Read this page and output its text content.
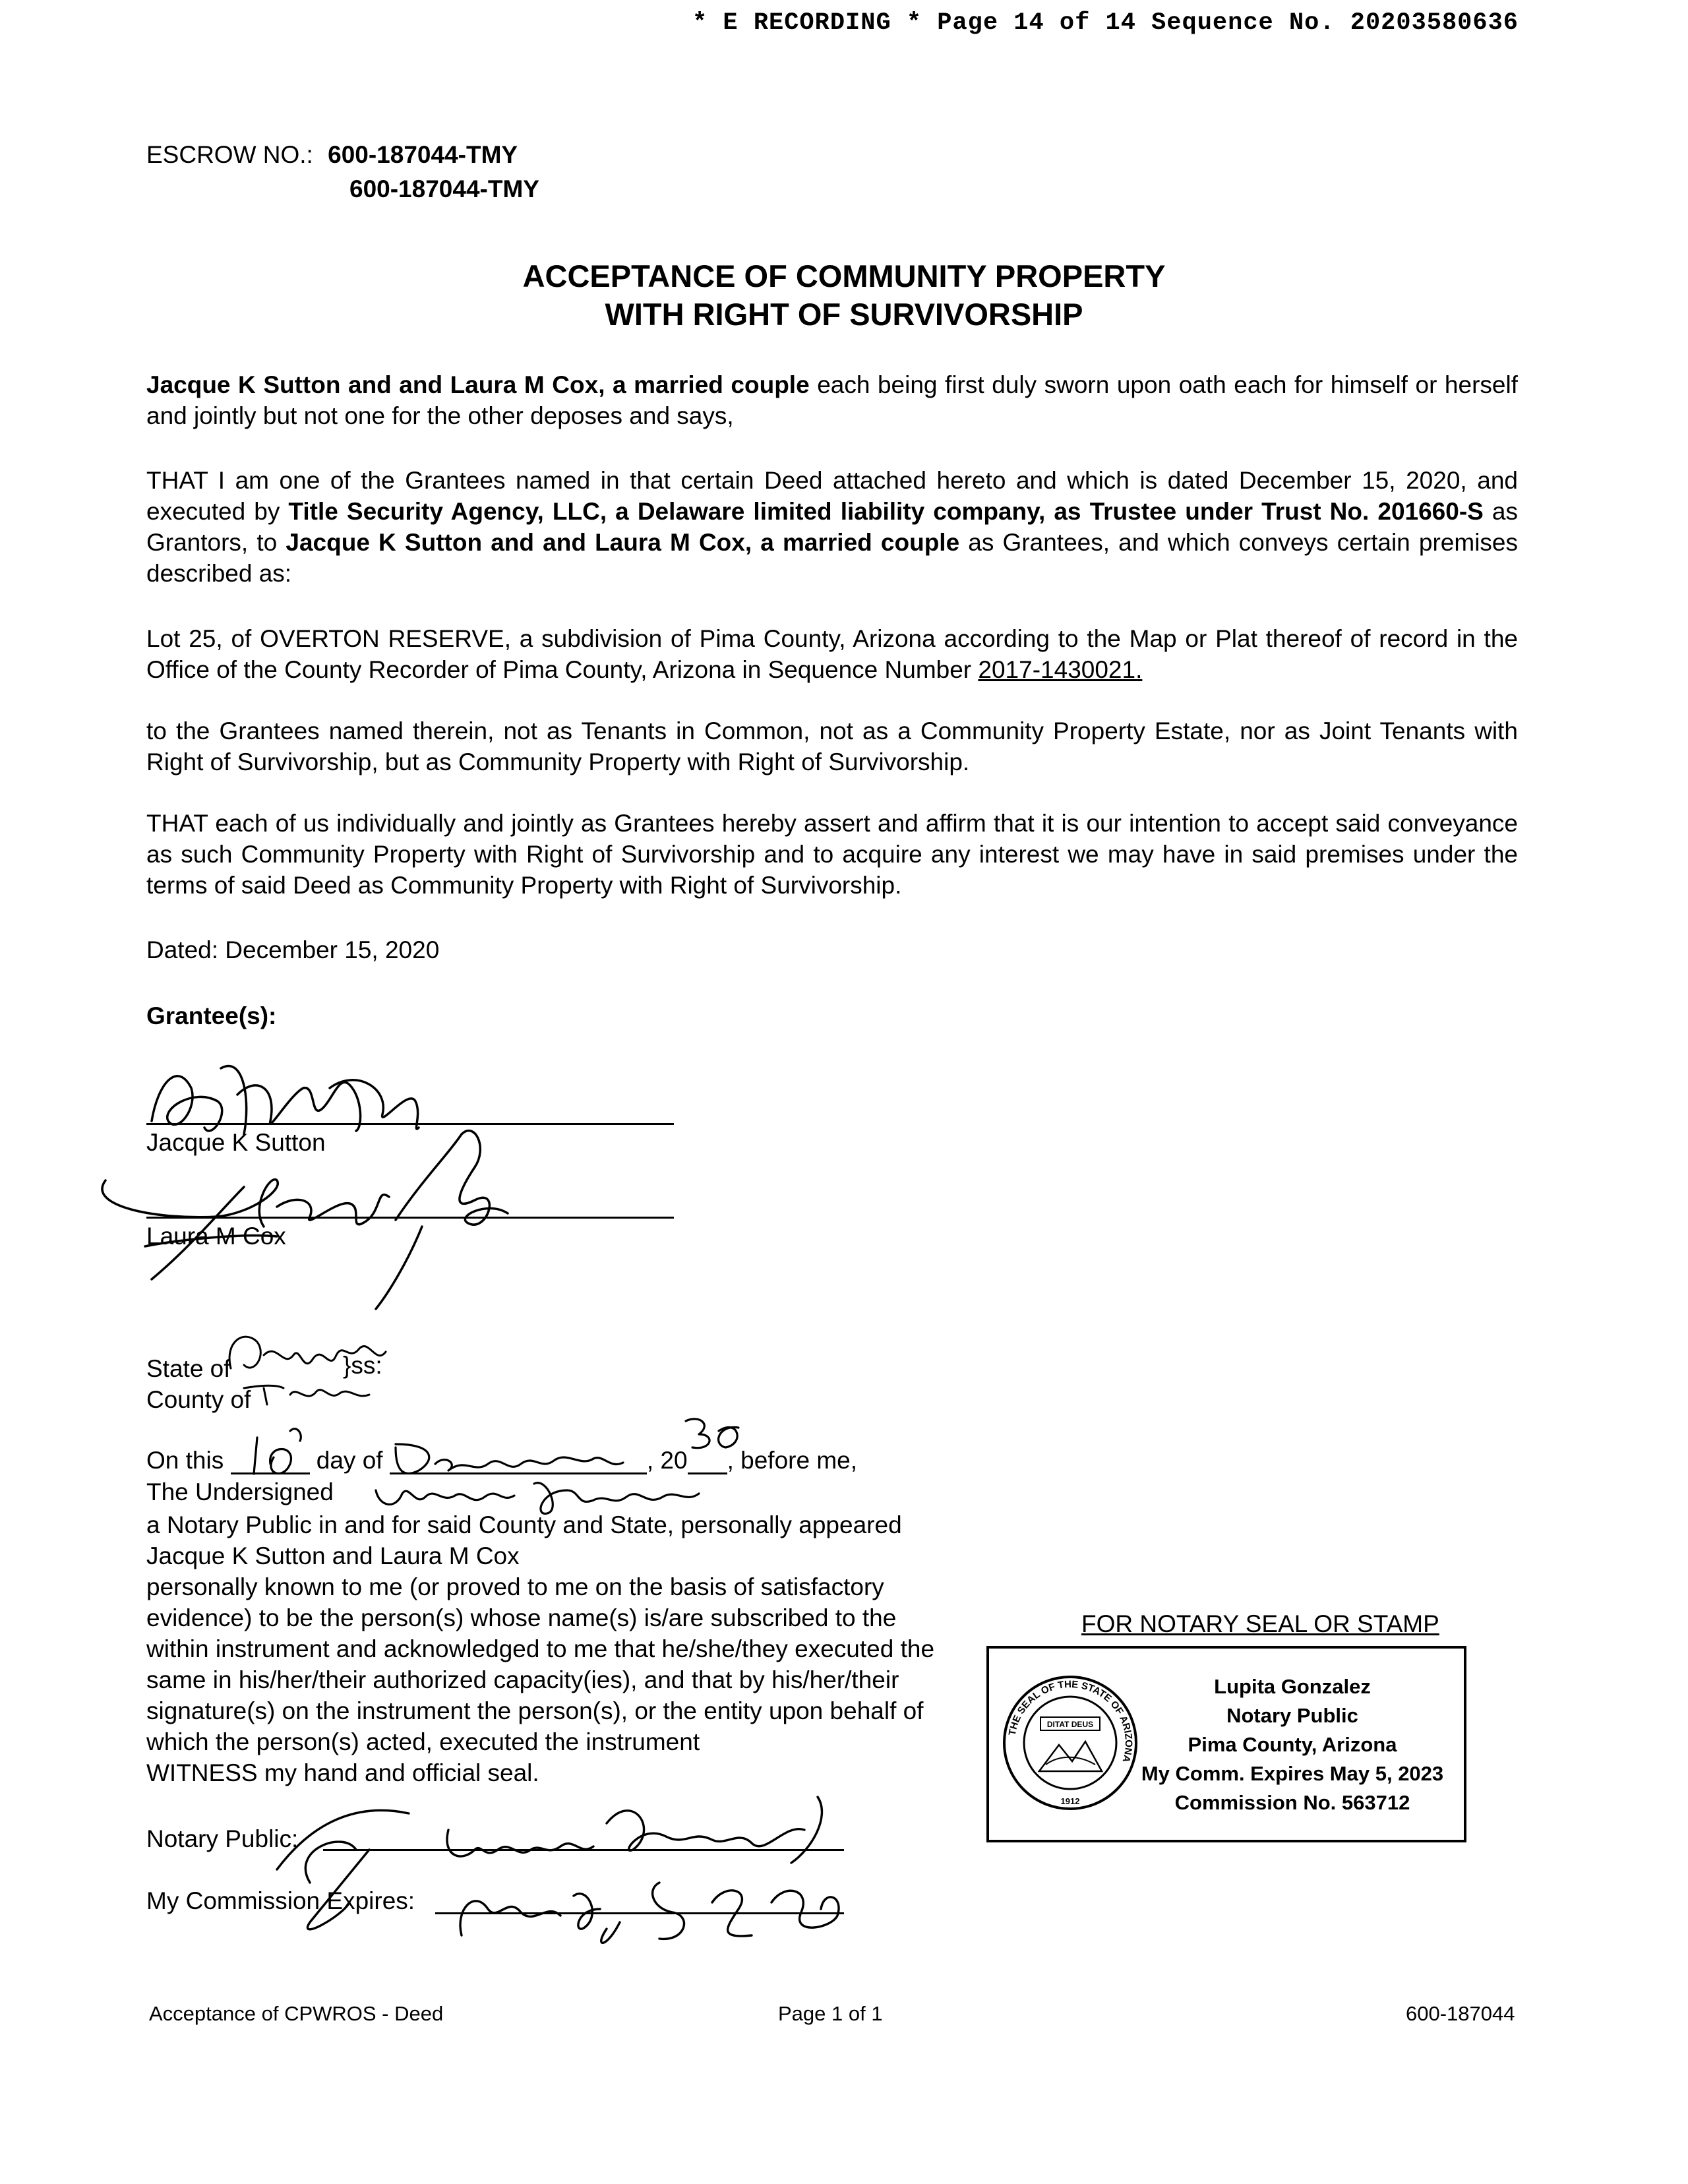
* E RECORDING * Page 14 of 14 Sequence No. 20203580636
ESCROW NO.: 600-187044-TMY
600-187044-TMY
ACCEPTANCE OF COMMUNITY PROPERTY
WITH RIGHT OF SURVIVORSHIP
Jacque K Sutton and and Laura M Cox, a married couple each being first duly sworn upon oath each for himself or herself and jointly but not one for the other deposes and says,
THAT I am one of the Grantees named in that certain Deed attached hereto and which is dated December 15, 2020, and executed by Title Security Agency, LLC, a Delaware limited liability company, as Trustee under Trust No. 201660-S as Grantors, to Jacque K Sutton and and Laura M Cox, a married couple as Grantees, and which conveys certain premises described as:
Lot 25, of OVERTON RESERVE, a subdivision of Pima County, Arizona according to the Map or Plat thereof of record in the Office of the County Recorder of Pima County, Arizona in Sequence Number 2017-1430021.
to the Grantees named therein, not as Tenants in Common, not as a Community Property Estate, nor as Joint Tenants with Right of Survivorship, but as Community Property with Right of Survivorship.
THAT each of us individually and jointly as Grantees hereby assert and affirm that it is our intention to accept said conveyance as such Community Property with Right of Survivorship and to acquire any interest we may have in said premises under the terms of said Deed as Community Property with Right of Survivorship.
Dated: December 15, 2020
Grantee(s):
Jacque K Sutton
Laura M Cox
State of	}ss:
County of
On this	day of	, 20 , before me,
The Undersigned
a Notary Public in and for said County and State, personally appeared
Jacque K Sutton and Laura M Cox
personally known to me (or proved to me on the basis of satisfactory
evidence) to be the person(s) whose name(s) is/are subscribed to the
within instrument and acknowledged to me that he/she/they executed the
same in his/her/their authorized capacity(ies), and that by his/her/their
signature(s) on the instrument the person(s), or the entity upon behalf of
which the person(s) acted, executed the instrument
WITNESS my hand and official seal.
Notary Public:
My Commission Expires:
FOR NOTARY SEAL OR STAMP
THE SEAL OF THE STATE OF ARIZONA
DITAT DEUS
1912
Lupita Gonzalez
Notary Public
Pima County, Arizona
My Comm. Expires May 5, 2023
Commission No. 563712
Acceptance of CPWROS - Deed	Page 1 of 1	600-187044
